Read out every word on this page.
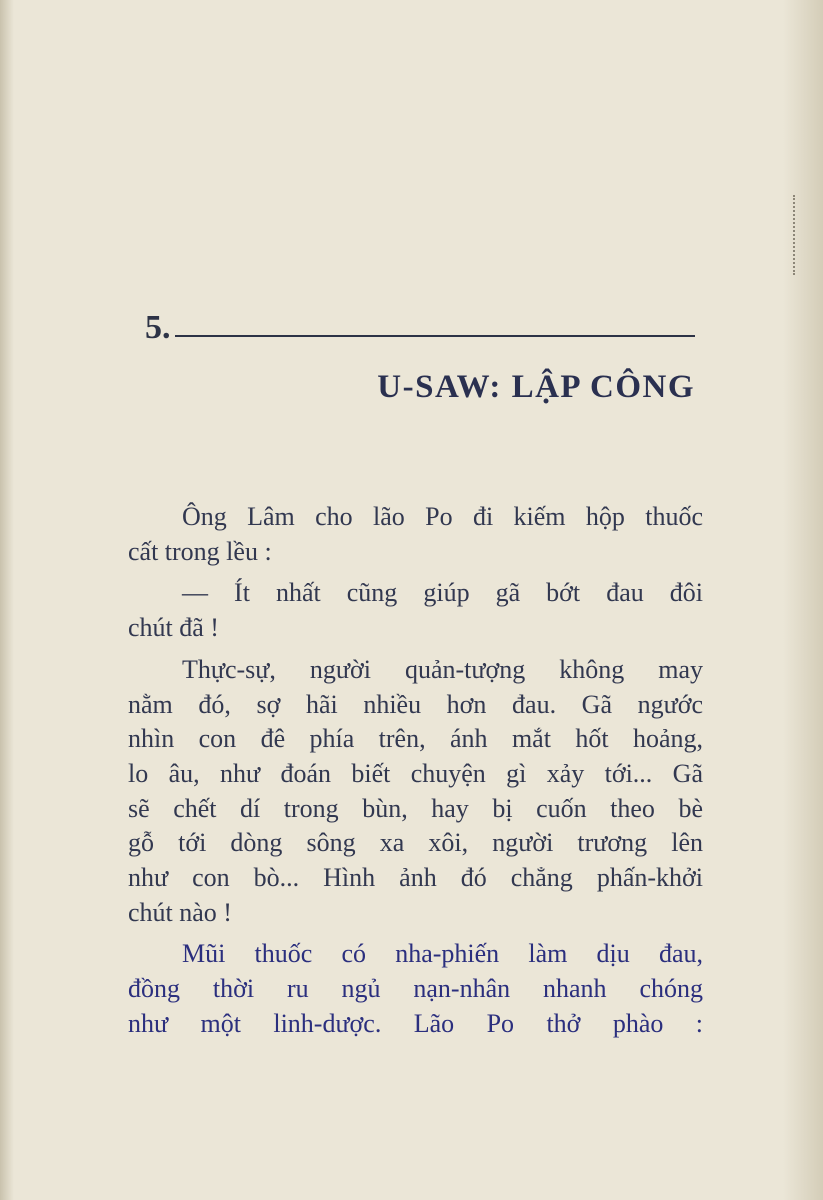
5.
U-SAW: LẬP CÔNG

Ông Lâm cho lão Po đi kiếm hộp thuốc
cất trong lều :

— Ít nhất cũng giúp gã bớt đau đôi
chút đã !

Thực-sự, người quản-tượng không may
nằm đó, sợ hãi nhiều hơn đau. Gã ngước
nhìn con đê phía trên, ánh mắt hốt hoảng,
lo âu, như đoán biết chuyện gì xảy tới... Gã
sẽ chết dí trong bùn, hay bị cuốn theo bè
gỗ tới dòng sông xa xôi, người trương lên
như con bò... Hình ảnh đó chẳng phấn-khởi
chút nào !

Mũi thuốc có nha-phiến làm dịu đau,
đồng thời ru ngủ nạn-nhân nhanh chóng
như một linh-dược. Lão Po thở phào :
